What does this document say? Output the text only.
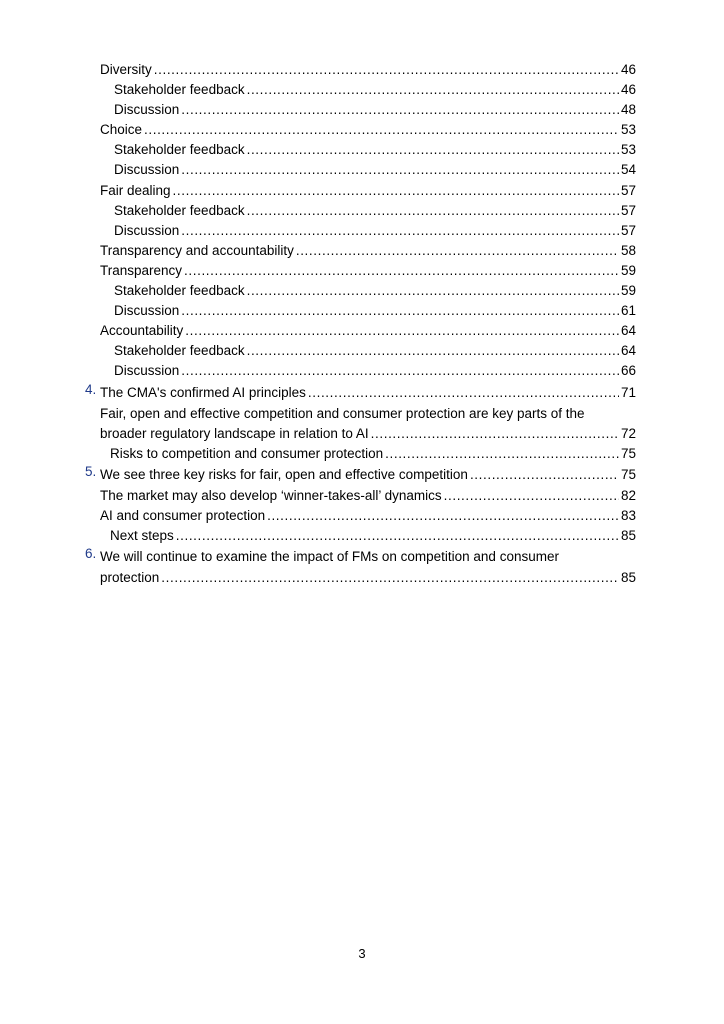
Diversity .....	46
Stakeholder feedback .....	46
Discussion .....	48
Choice .....	53
Stakeholder feedback .....	53
Discussion .....	54
Fair dealing .....	57
Stakeholder feedback .....	57
Discussion .....	57
Transparency and accountability .....	58
Transparency .....	59
Stakeholder feedback .....	59
Discussion .....	61
Accountability .....	64
Stakeholder feedback .....	64
Discussion .....	66
4. The CMA's confirmed AI principles .....	71
Fair, open and effective competition and consumer protection are key parts of the
broader regulatory landscape in relation to AI .....	72
Risks to competition and consumer protection .....	75
5. We see three key risks for fair, open and effective competition .....	75
The market may also develop ‘winner-takes-all’ dynamics .....	82
AI and consumer protection .....	83
Next steps .....	85
6. We will continue to examine the impact of FMs on competition and consumer
protection .....	85
3
